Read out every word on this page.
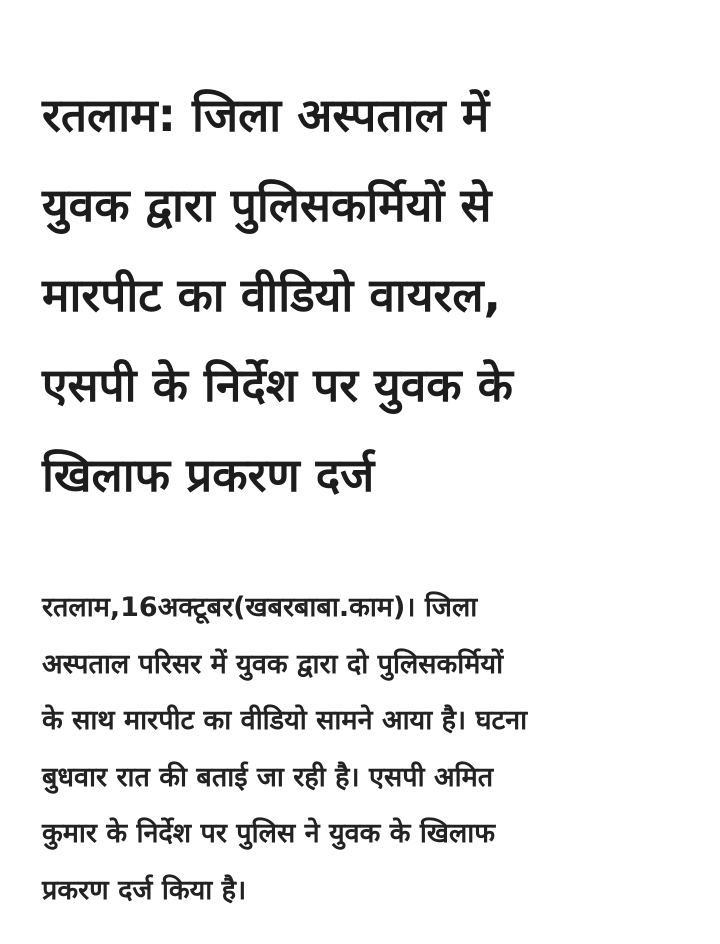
रतलाम: जिला अस्पताल में
युवक द्वारा पुलिसकर्मियों से
मारपीट का वीडियो वायरल,
एसपी के निर्देश पर युवक के
खिलाफ प्रकरण दर्ज

रतलाम,16अक्टूबर(खबरबाबा.काम)। जिला
अस्पताल परिसर में युवक द्वारा दो पुलिसकर्मियों
के साथ मारपीट का वीडियो सामने आया है। घटना
बुधवार रात की बताई जा रही है। एसपी अमित
कुमार के निर्देश पर पुलिस ने युवक के खिलाफ
प्रकरण दर्ज किया है।
